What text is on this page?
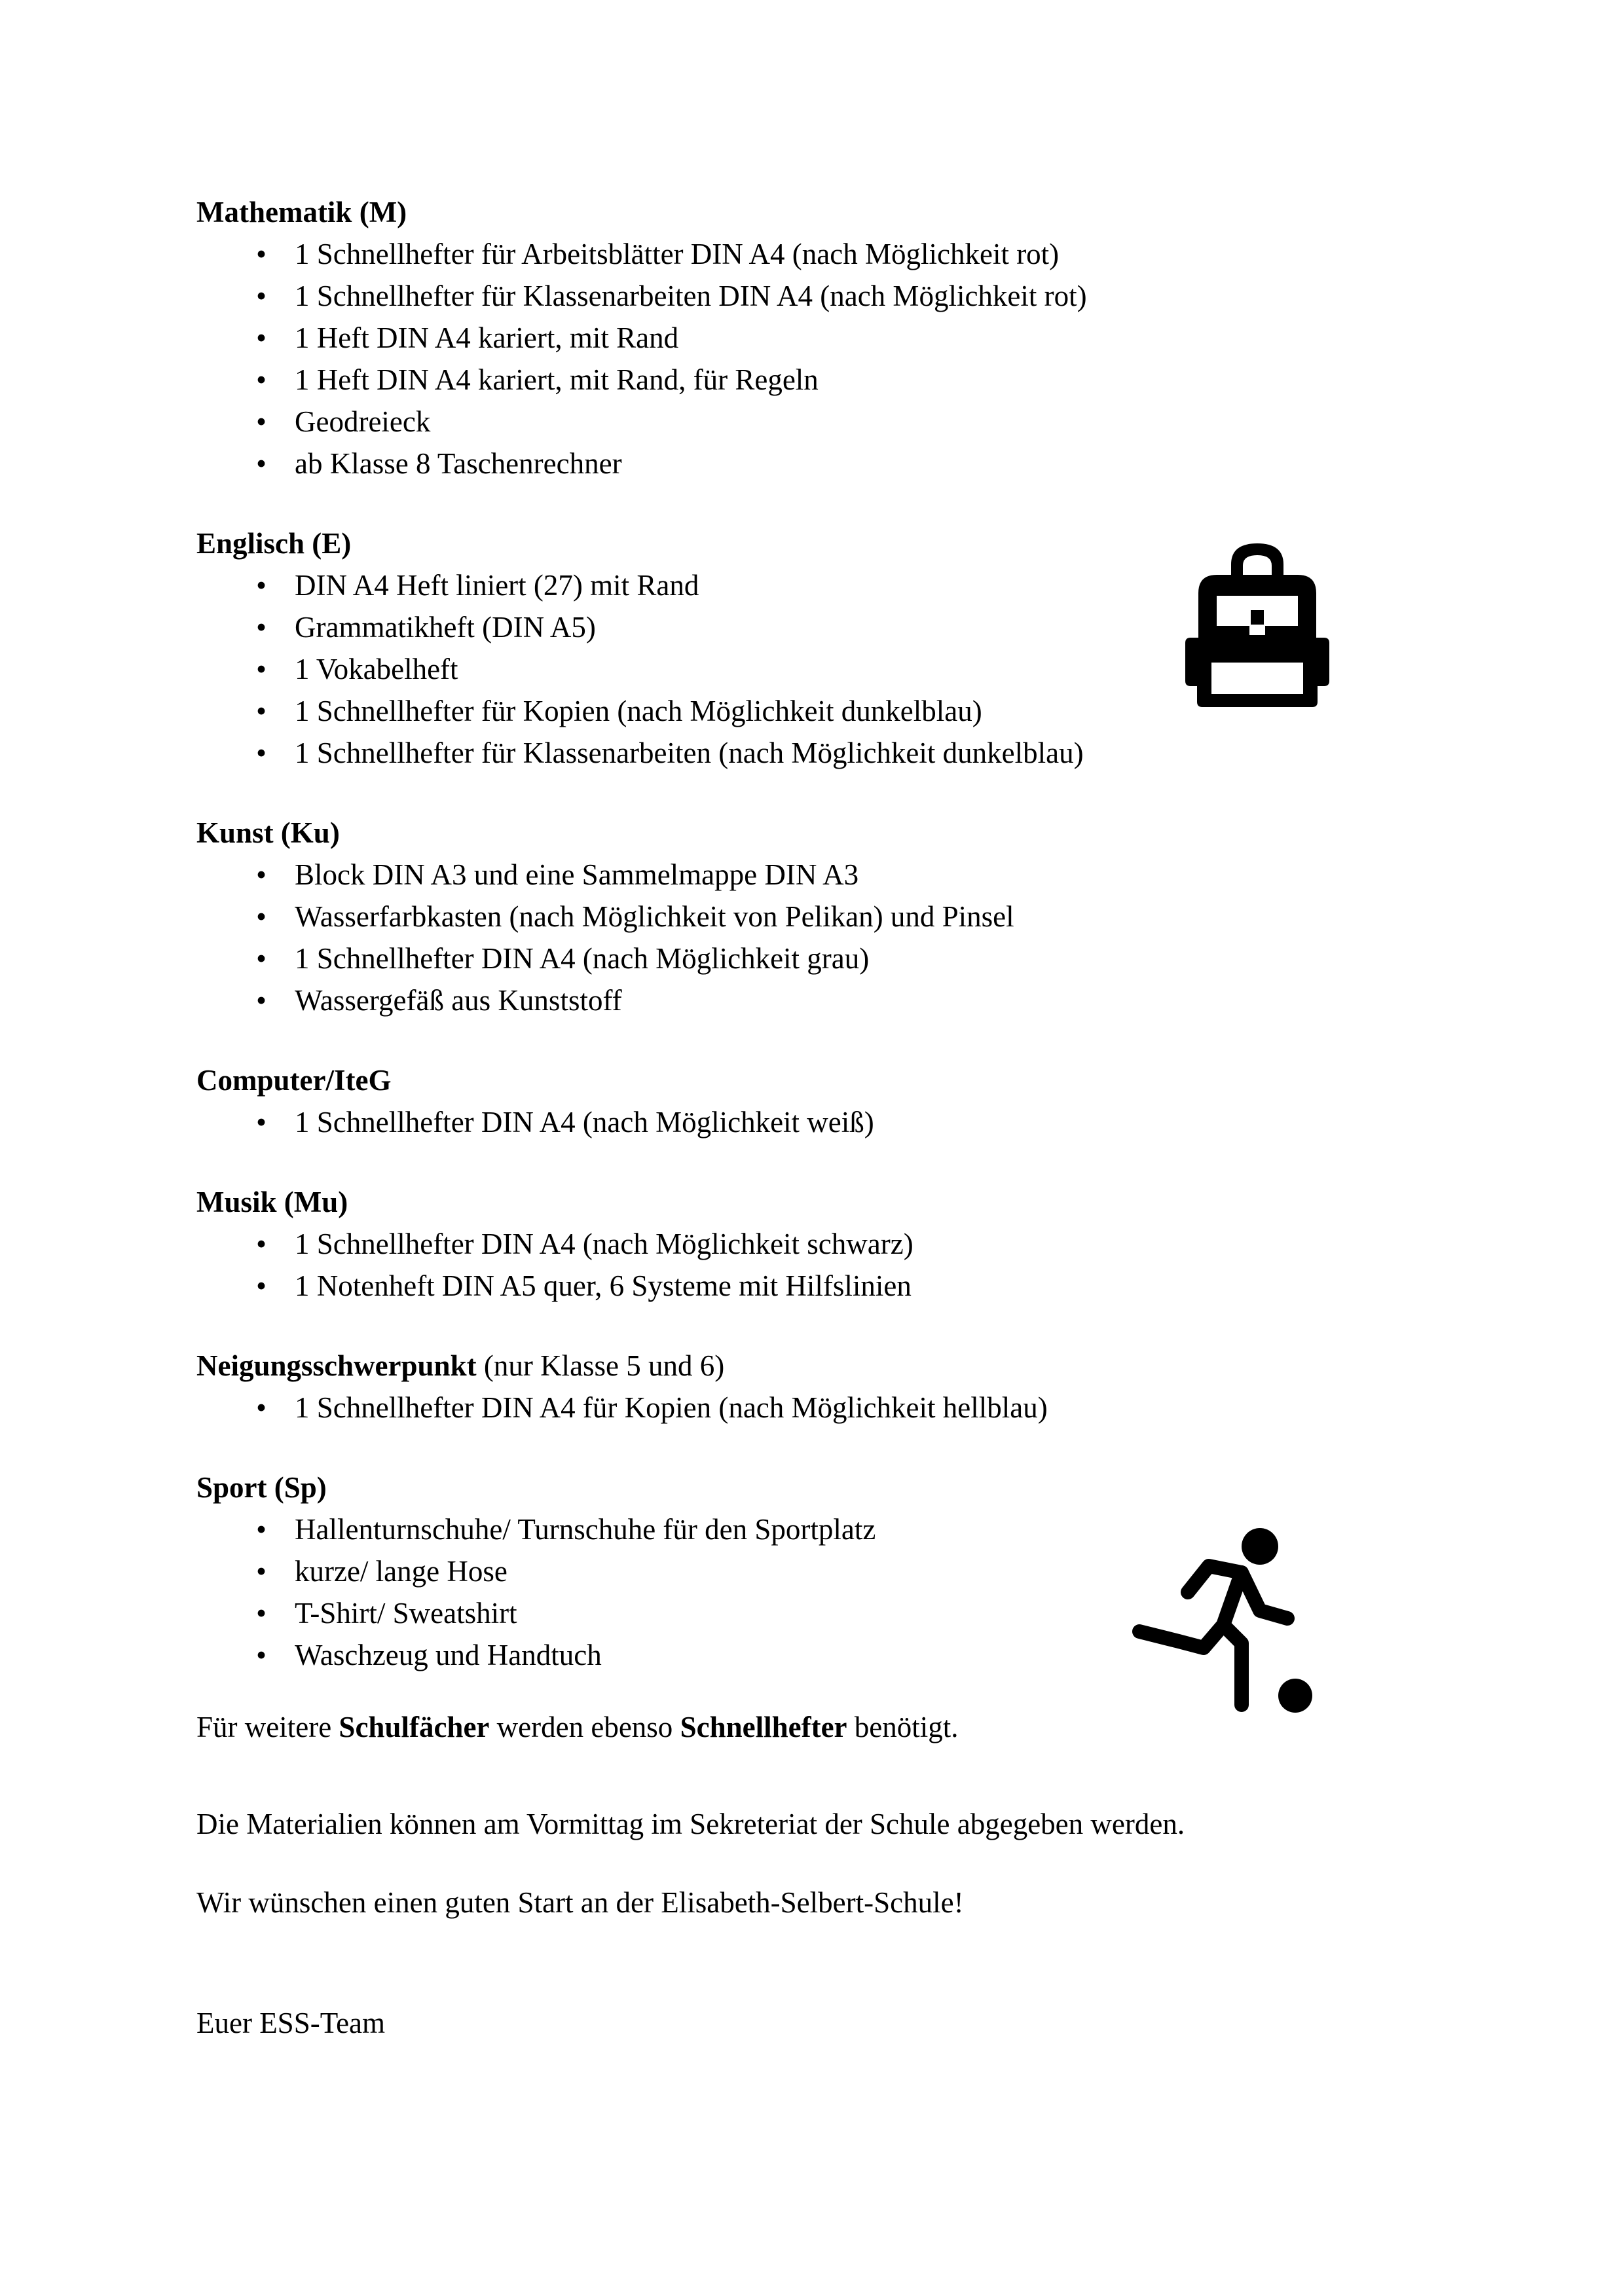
Mathematik (M)

• 1 Schnellhefter für Arbeitsblätter DIN A4 (nach Möglichkeit rot)
• 1 Schnellhefter für Klassenarbeiten DIN A4 (nach Möglichkeit rot)
• 1 Heft DIN A4 kariert, mit Rand
• 1 Heft DIN A4 kariert, mit Rand, für Regeln
• Geodreieck
• ab Klasse 8 Taschenrechner

Englisch (E)

• DIN A4 Heft liniert (27) mit Rand
• Grammatikheft (DIN A5)
• 1 Vokabelheft
• 1 Schnellhefter für Kopien (nach Möglichkeit dunkelblau)
• 1 Schnellhefter für Klassenarbeiten (nach Möglichkeit dunkelblau)

Kunst (Ku)

• Block DIN A3 und eine Sammelmappe DIN A3
• Wasserfarbkasten (nach Möglichkeit von Pelikan) und Pinsel
• 1 Schnellhefter DIN A4 (nach Möglichkeit grau)
• Wassergefäß aus Kunststoff

Computer/IteG

• 1 Schnellhefter DIN A4 (nach Möglichkeit weiß)

Musik (Mu)

• 1 Schnellhefter DIN A4 (nach Möglichkeit schwarz)
• 1 Notenheft DIN A5 quer, 6 Systeme mit Hilfslinien

Neigungsschwerpunkt (nur Klasse 5 und 6)

• 1 Schnellhefter DIN A4 für Kopien (nach Möglichkeit hellblau)

Sport (Sp)

• Hallenturnschuhe/ Turnschuhe für den Sportplatz
• kurze/ lange Hose
• T-Shirt/ Sweatshirt
• Waschzeug und Handtuch

Für weitere Schulfächer werden ebenso Schnellhefter benötigt.

Die Materialien können am Vormittag im Sekreteriat der Schule abgegeben werden.

Wir wünschen einen guten Start an der Elisabeth-Selbert-Schule!

Euer ESS-Team
